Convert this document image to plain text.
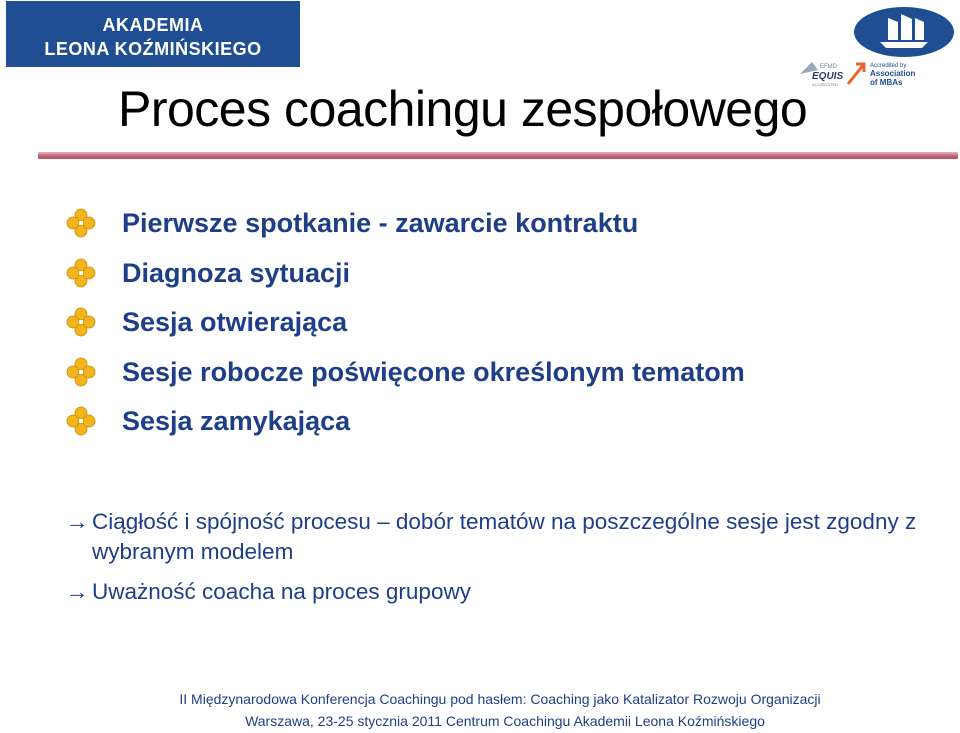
AKADEMIA
LEONA KOŹMIŃSKIEGO
EFMD
EQUIS
ACCREDITED
Accredited by
Association
of MBAs
Proces coachingu zespołowego
Pierwsze spotkanie - zawarcie kontraktu
Diagnoza sytuacji
Sesja otwierająca
Sesje robocze poświęcone określonym tematom
Sesja zamykająca
→ Ciągłość i spójność procesu – dobór tematów na poszczególne sesje jest zgodny z wybranym modelem
→ Uważność coacha na proces grupowy
II Międzynarodowa Konferencja Coachingu pod hasłem: Coaching jako Katalizator Rozwoju Organizacji
Warszawa, 23-25 stycznia 2011 Centrum Coachingu Akademii Leona Koźmińskiego
